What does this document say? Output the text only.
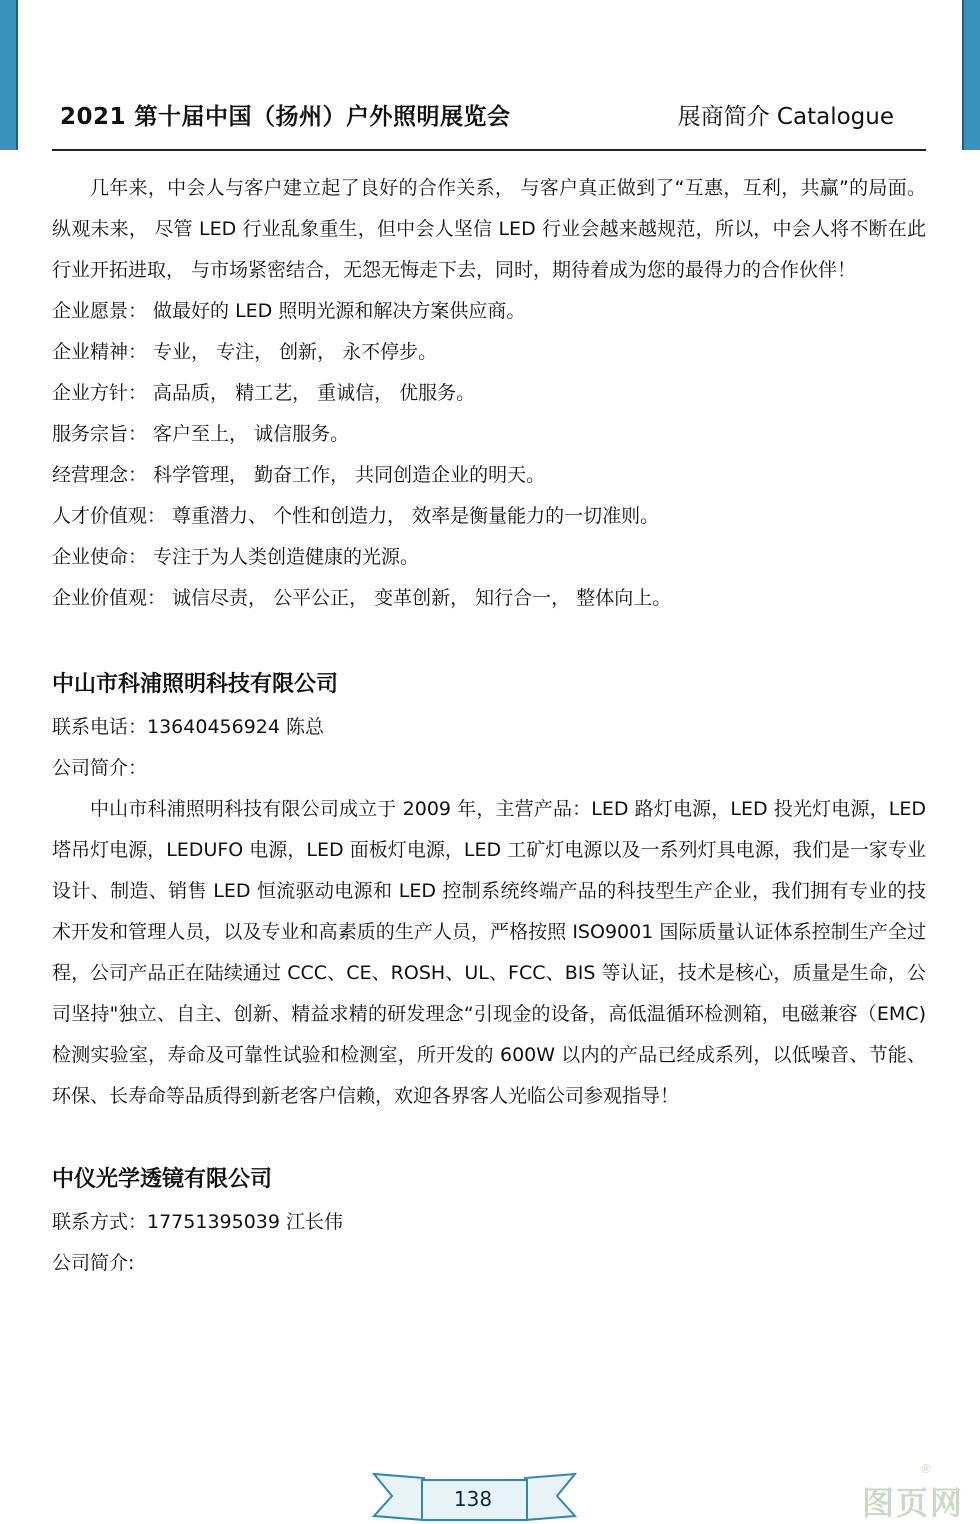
2021 第十届中国（扬州）户外照明展览会	展商简介 Catalogue

几年来，中会人与客户建立起了良好的合作关系， 与客户真正做到了“互惠，互利，共赢”的局面。纵观未来， 尽管 LED 行业乱象重生，但中会人坚信 LED 行业会越来越规范，所以，中会人将不断在此行业开拓进取， 与市场紧密结合，无怨无悔走下去，同时，期待着成为您的最得力的合作伙伴！

企业愿景： 做最好的 LED 照明光源和解决方案供应商。

企业精神： 专业， 专注， 创新， 永不停步。

企业方针： 高品质， 精工艺， 重诚信， 优服务。

服务宗旨： 客户至上， 诚信服务。

经营理念： 科学管理， 勤奋工作， 共同创造企业的明天。

人才价值观： 尊重潜力、 个性和创造力， 效率是衡量能力的一切准则。

企业使命： 专注于为人类创造健康的光源。

企业价值观： 诚信尽责， 公平公正， 变革创新， 知行合一， 整体向上。

中山市科浦照明科技有限公司

联系电话：13640456924 陈总

公司简介：

中山市科浦照明科技有限公司成立于 2009 年，主营产品：LED 路灯电源，LED 投光灯电源，LED 塔吊灯电源，LEDUFO 电源，LED 面板灯电源，LED 工矿灯电源以及一系列灯具电源，我们是一家专业设计、制造、销售 LED 恒流驱动电源和 LED 控制系统终端产品的科技型生产企业，我们拥有专业的技术开发和管理人员，以及专业和高素质的生产人员，严格按照 ISO9001 国际质量认证体系控制生产全过程，公司产品正在陆续通过 CCC、CE、ROSH、UL、FCC、BIS 等认证，技术是核心，质量是生命，公司坚持"独立、自主、创新、精益求精的研发理念“引现金的设备，高低温循环检测箱，电磁兼容（EMC)检测实验室，寿命及可靠性试验和检测室，所开发的 600W 以内的产品已经成系列，以低噪音、节能、环保、长寿命等品质得到新老客户信赖，欢迎各界客人光临公司参观指导！

中仪光学透镜有限公司

联系方式：17751395039 江长伟

公司简介:

138	图页网
®
